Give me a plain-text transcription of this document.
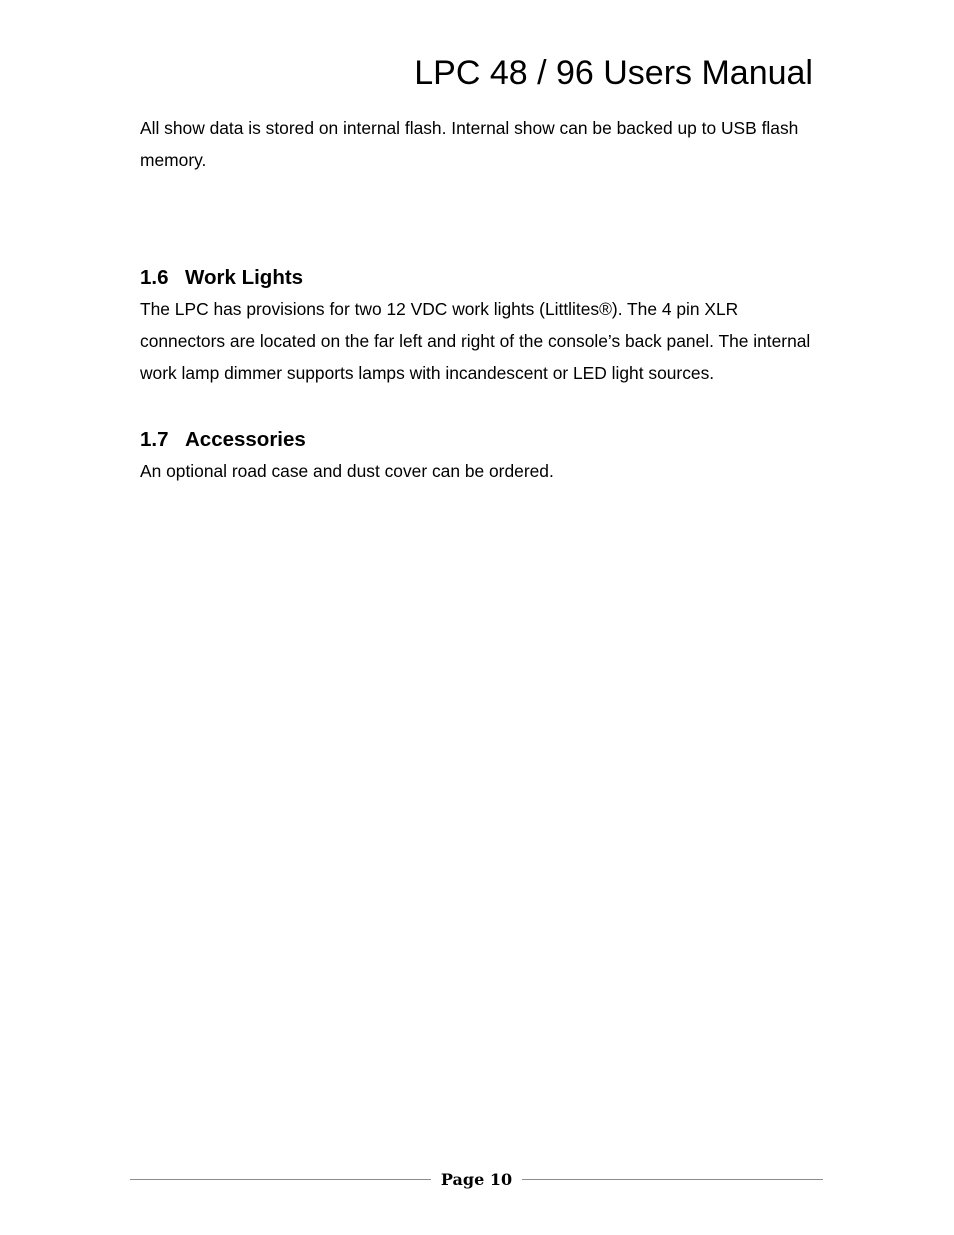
LPC 48 / 96 Users Manual

All show data is stored on internal flash. Internal show can be backed up to USB flash memory.

1.6 Work Lights

The LPC has provisions for two 12 VDC work lights (Littlites®). The 4 pin XLR connectors are located on the far left and right of the console’s back panel. The internal work lamp dimmer supports lamps with incandescent or LED light sources.

1.7 Accessories

An optional road case and dust cover can be ordered.

Page 10
